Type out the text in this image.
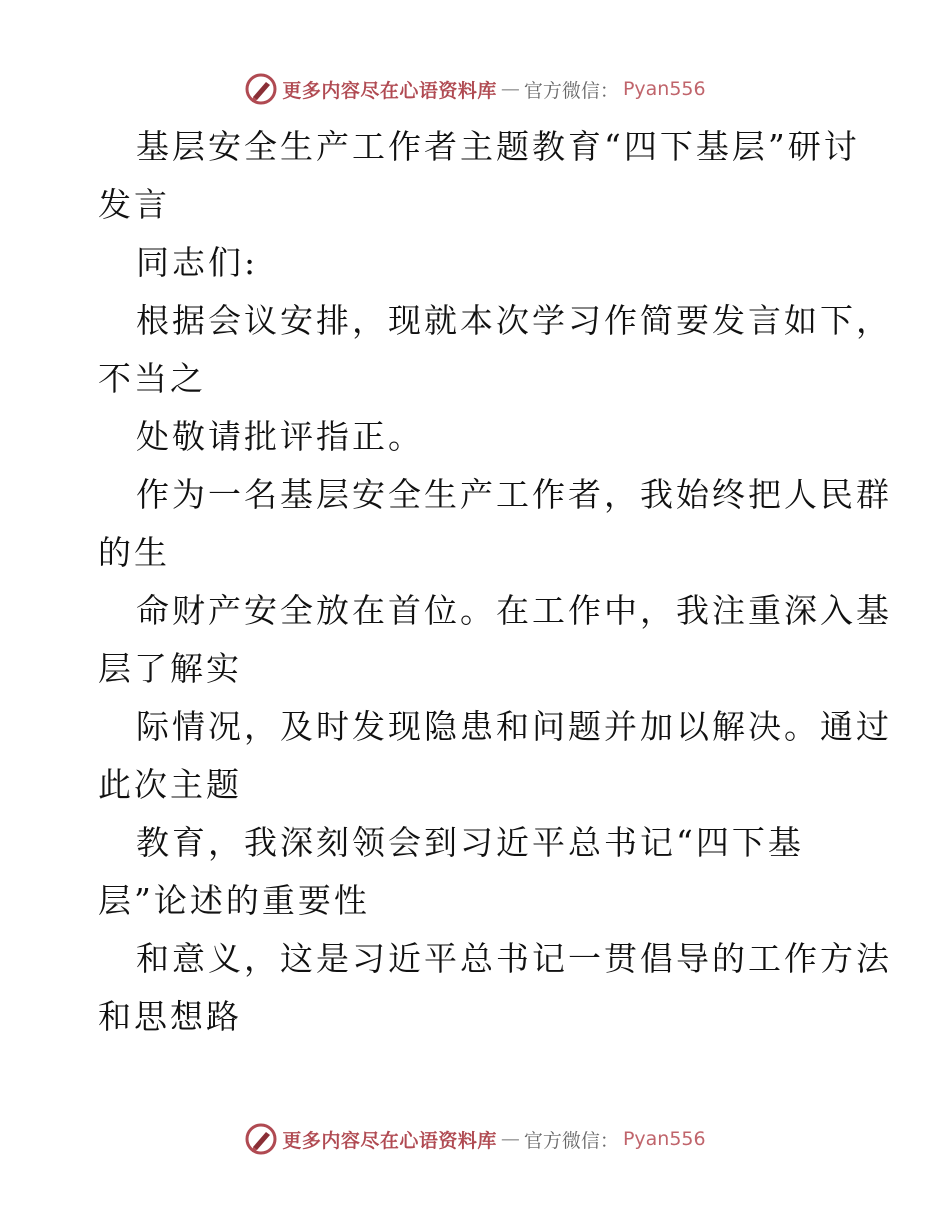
更多内容尽在心语资料库 — 官方微信： Pyan556
基层安全生产工作者主题教育“四下基层”研讨
发言
同志们:
根据会议安排，现就本次学习作简要发言如下，
不当之
处敬请批评指正。
作为一名基层安全生产工作者，我始终把人民群
的生
命财产安全放在首位。在工作中，我注重深入基
层了解实
际情况，及时发现隐患和问题并加以解决。通过
此次主题
教育，我深刻领会到习近平总书记“四下基
层”论述的重要性
和意义，这是习近平总书记一贯倡导的工作方法
和思想路
更多内容尽在心语资料库 — 官方微信： Pyan556
